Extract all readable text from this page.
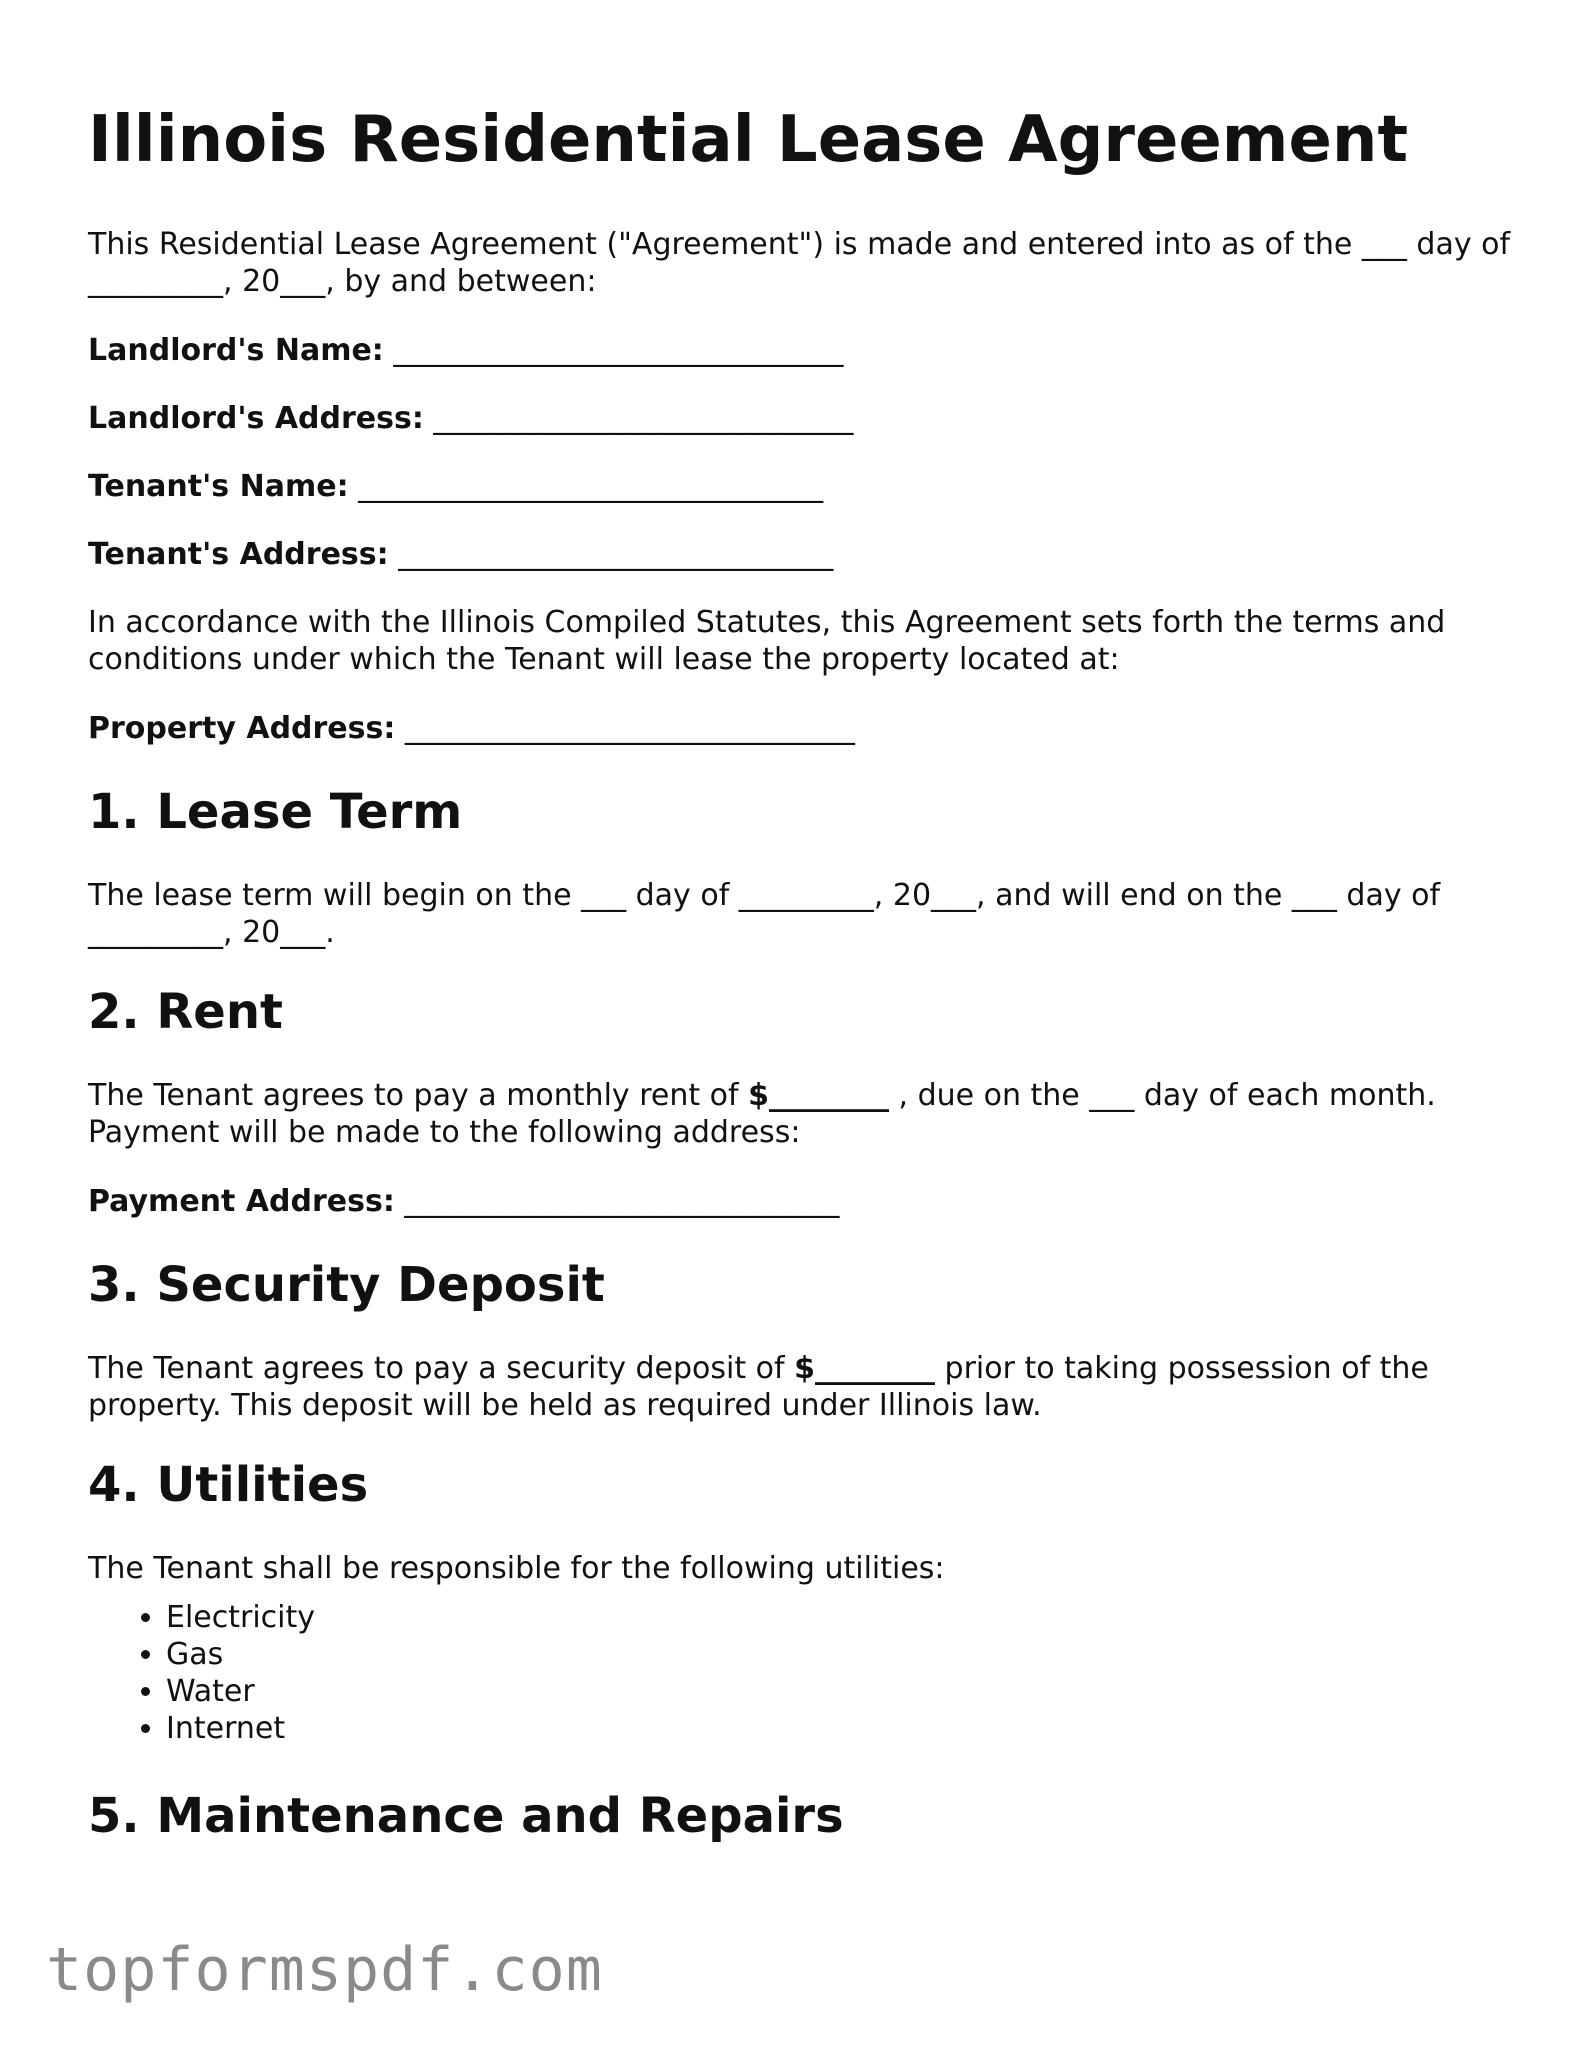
Illinois Residential Lease Agreement

This Residential Lease Agreement ("Agreement") is made and entered into as of the ___ day of _________, 20___, by and between:

Landlord's Name: ______________________________

Landlord's Address: ____________________________

Tenant's Name: _______________________________

Tenant's Address: _____________________________

In accordance with the Illinois Compiled Statutes, this Agreement sets forth the terms and conditions under which the Tenant will lease the property located at:

Property Address: ______________________________

1. Lease Term

The lease term will begin on the ___ day of _________, 20___, and will end on the ___ day of _________, 20___.

2. Rent

The Tenant agrees to pay a monthly rent of $________ , due on the ___ day of each month. Payment will be made to the following address:

Payment Address: _____________________________

3. Security Deposit

The Tenant agrees to pay a security deposit of $________ prior to taking possession of the property. This deposit will be held as required under Illinois law.

4. Utilities

The Tenant shall be responsible for the following utilities:

• Electricity
• Gas
• Water
• Internet
5. Maintenance and Repairs
topformspdf.com
